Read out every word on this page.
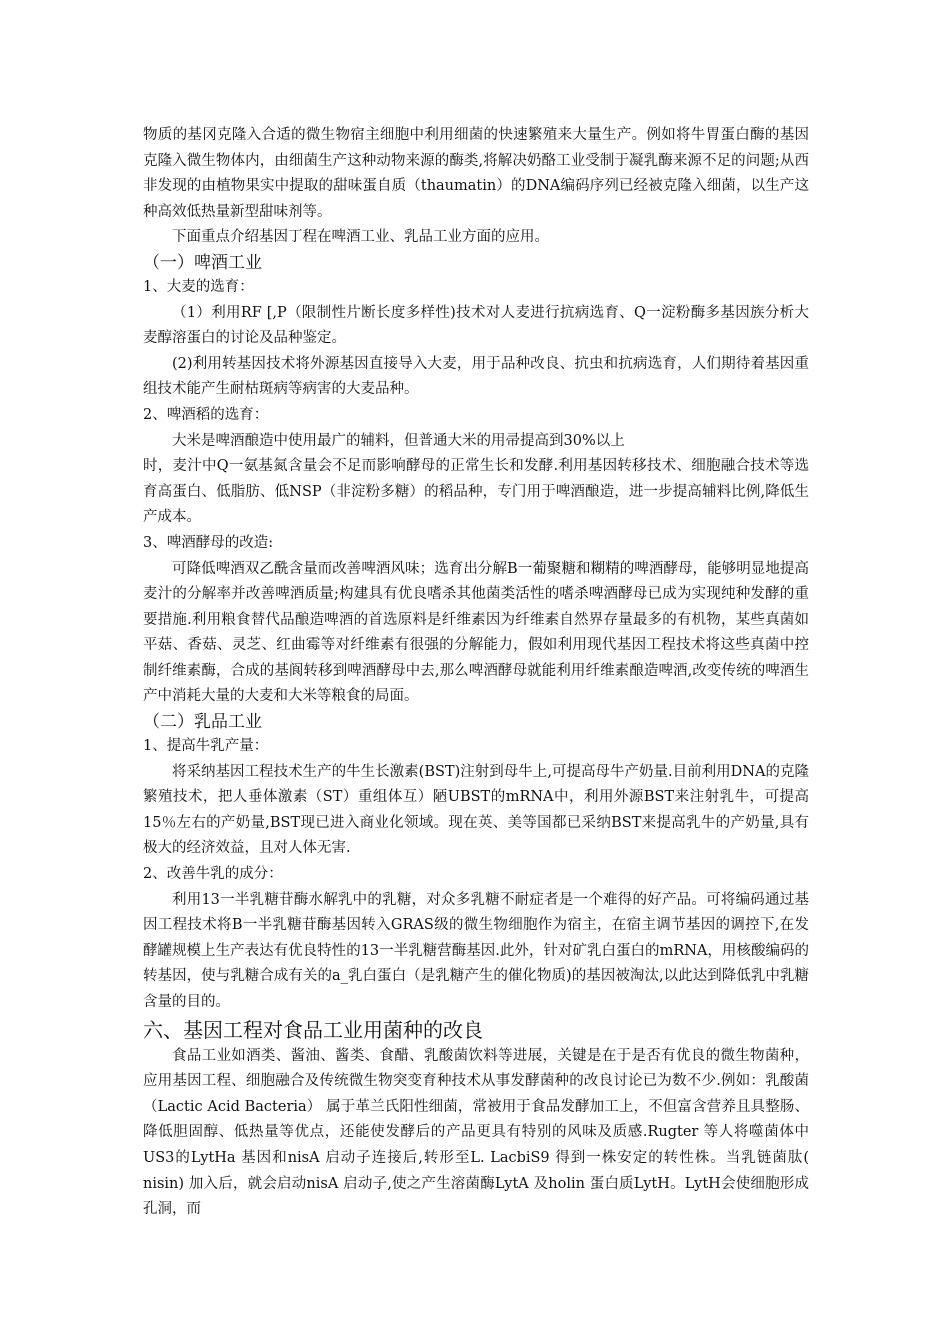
物质的基冈克隆入合适的微生物宿主细胞中利用细菌的快速繁殖来大量生产。例如将牛胃蛋白酶的基因克隆入微生物体内，由细菌生产这种动物来源的酶类,将解决奶酪工业受制于凝乳酶来源不足的问题;从西非发现的由植物果实中提取的甜味蛋自质（thaumatin）的DNA编码序列已经被克隆入细菌，以生产这种高效低热量新型甜味剂等。

下面重点介绍基因丁程在啤酒工业、乳品工业方面的应用。

（一）啤酒工业
1、大麦的选育：

（1）利用RF [,P（限制性片断长度多样性)技术对人麦进行抗病选育、Q一淀粉酶多基因族分析大麦醇溶蛋白的讨论及品种鉴定。

(2)利用转基因技术将外源基因直接导入大麦，用于品种改良、抗虫和抗病选育，人们期待着基因重组技术能产生耐枯斑病等病害的大麦品种。

2、啤酒稻的选育：

大米是啤酒酿造中使用最广的辅料，但普通大米的用帚提高到30%以上

时，麦汁中Q一氨基氮含量会不足而影响酵母的正常生长和发酵.利用基因转移技术、细胞融合技术等选育高蛋白、低脂肪、低NSP（非淀粉多糖）的稻品种，专门用于啤酒酿造，进一步提高辅料比例,降低生产成本。

3、啤酒酵母的改造:

可降低啤酒双乙酰含量而改善啤酒风味；选育出分解B一葡聚糖和糊精的啤酒酵母，能够明显地提高麦汁的分解率并改善啤酒质量;构建具有优良嗜杀其他菌类活性的嗜杀啤酒酵母已成为实现纯种发酵的重要措施.利用粮食替代品酿造啤酒的首选原料是纤维素因为纤维素自然界存量最多的有机物，某些真菌如平菇、香菇、灵芝、红曲霉等对纤维素有很强的分解能力，假如利用现代基因工程技术将这些真菌中控制纤维素酶，合成的基阆转移到啤酒酵母中去,那么啤酒酵母就能利用纤维素酿造啤酒,改变传统的啤酒生产中消耗大量的大麦和大米等粮食的局面。

（二）乳品工业
1、提高牛乳产量：

将采纳基因工程技术生产的牛生长激素(BST)注射到母牛上,可提高母牛产奶量.目前利用DNA的克隆繁殖技术，把人垂体激素（ST）重组体互）陋UBST的mRNA中，利用外源BST来注射乳牛，可提高15％左右的产奶量,BST现已进入商业化领域。现在英、美等国都已采纳BST来提高乳牛的产奶量,具有极大的经济效益，且对人体无害.

2、改善牛乳的成分：

利用13一半乳糖苷酶水解乳中的乳糖，对众多乳糖不耐症者是一个难得的好产品。可将编码通过基因工程技术将B一半乳糖苷酶基因转入GRAS级的微生物细胞作为宿主，在宿主调节基因的调控下,在发酵罐规模上生产表达有优良特性的13一半乳糖营酶基因.此外，针对矿乳白蛋白的mRNA，用核酸编码的转基因，使与乳糖合成有关的a_乳白蛋白（是乳糖产生的催化物质)的基因被淘汰,以此达到降低乳中乳糖含量的目的。

六、基因工程对食品工业用菌种的改良

食品工业如酒类、酱油、酱类、食醋、乳酸菌饮料等进展，关键是在于是否有优良的微生物菌种，应用基因工程、细胞融合及传统微生物突变育种技术从事发酵菌种的改良讨论已为数不少.例如：乳酸菌（Lactic Acid Bacteria） 属于革兰氏阳性细菌，常被用于食品发酵加工上，不但富含营养且具整肠、降低胆固醇、低热量等优点，还能使发酵后的产品更具有特别的风味及质感.Rugter 等人将噬菌体中US3的LytHa 基因和nisA 启动子连接后,转形至L. LacbiS9 得到一株安定的转性株。当乳链菌肽( nisin) 加入后，就会启动nisA 启动子,使之产生溶菌酶LytA 及holin 蛋白质LytH。LytH会使细胞形成孔洞，而
